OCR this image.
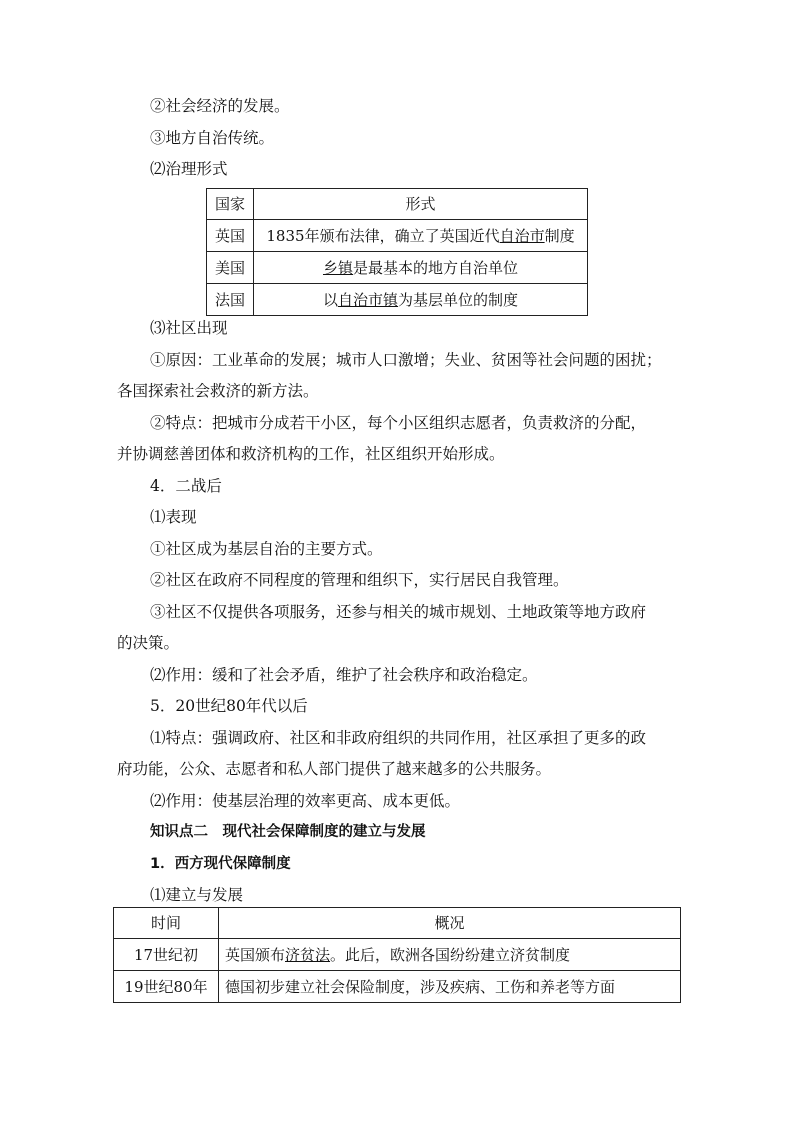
②社会经济的发展。
③地方自治传统。
⑵治理形式
国家	形式
英国	1835年颁布法律，确立了英国近代自治市制度
美国	乡镇是最基本的地方自治单位
法国	以自治市镇为基层单位的制度
⑶社区出现
①原因：工业革命的发展；城市人口激增；失业、贫困等社会问题的困扰；
各国探索社会救济的新方法。
②特点：把城市分成若干小区，每个小区组织志愿者，负责救济的分配，
并协调慈善团体和救济机构的工作，社区组织开始形成。
4．二战后
⑴表现
①社区成为基层自治的主要方式。
②社区在政府不同程度的管理和组织下，实行居民自我管理。
③社区不仅提供各项服务，还参与相关的城市规划、土地政策等地方政府
的决策。
⑵作用：缓和了社会矛盾，维护了社会秩序和政治稳定。
5．20世纪80年代以后
⑴特点：强调政府、社区和非政府组织的共同作用，社区承担了更多的政
府功能，公众、志愿者和私人部门提供了越来越多的公共服务。
⑵作用：使基层治理的效率更高、成本更低。
知识点二　现代社会保障制度的建立与发展
1．西方现代保障制度
⑴建立与发展
时间	概况
17世纪初	英国颁布济贫法。此后，欧洲各国纷纷建立济贫制度
19世纪80年	德国初步建立社会保险制度，涉及疾病、工伤和养老等方面
